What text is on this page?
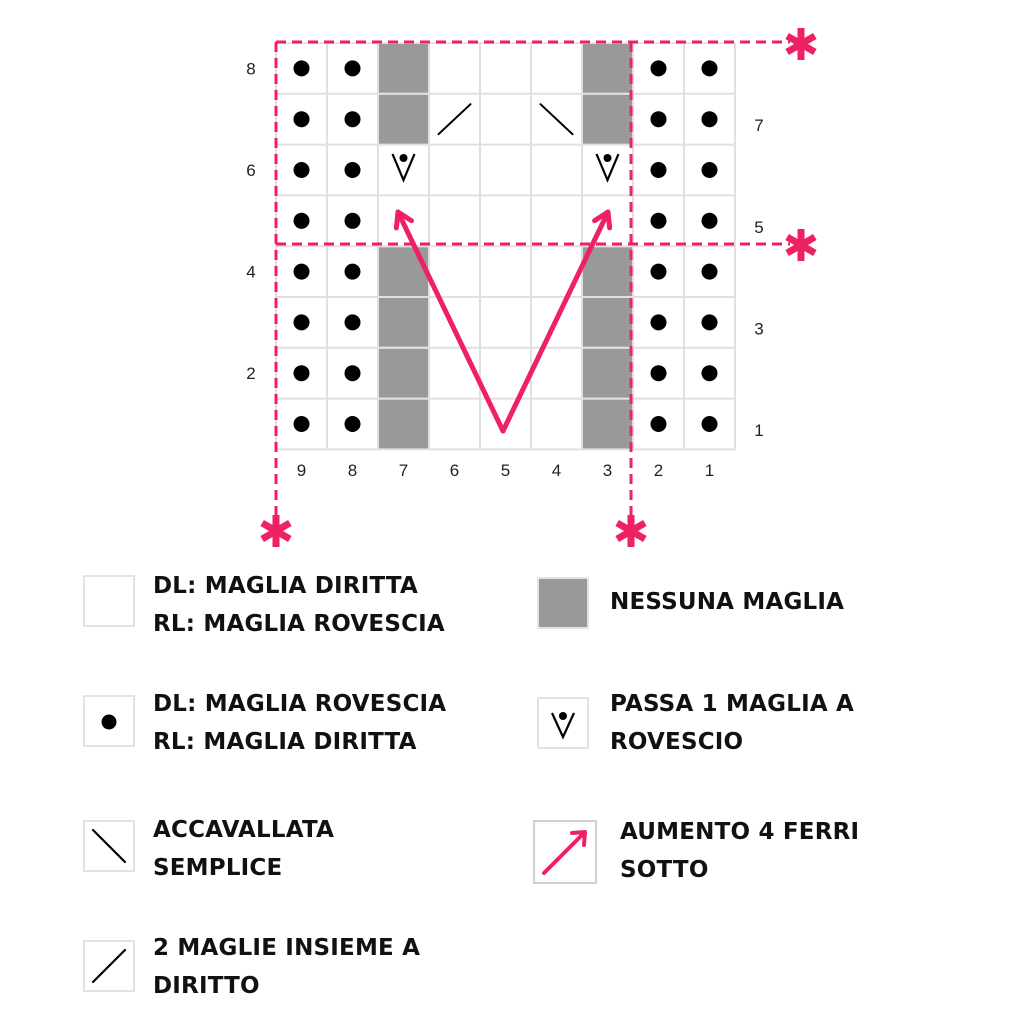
9 8 7 6 5 4 3 2 1
8
6
4
2
7
5
3
1
DL: MAGLIA DIRITTA
RL: MAGLIA ROVESCIA
DL: MAGLIA ROVESCIA
RL: MAGLIA DIRITTA
ACCAVALLATA
SEMPLICE
2 MAGLIE INSIEME A
DIRITTO
NESSUNA MAGLIA
PASSA 1 MAGLIA A
ROVESCIO
AUMENTO 4 FERRI
SOTTO
